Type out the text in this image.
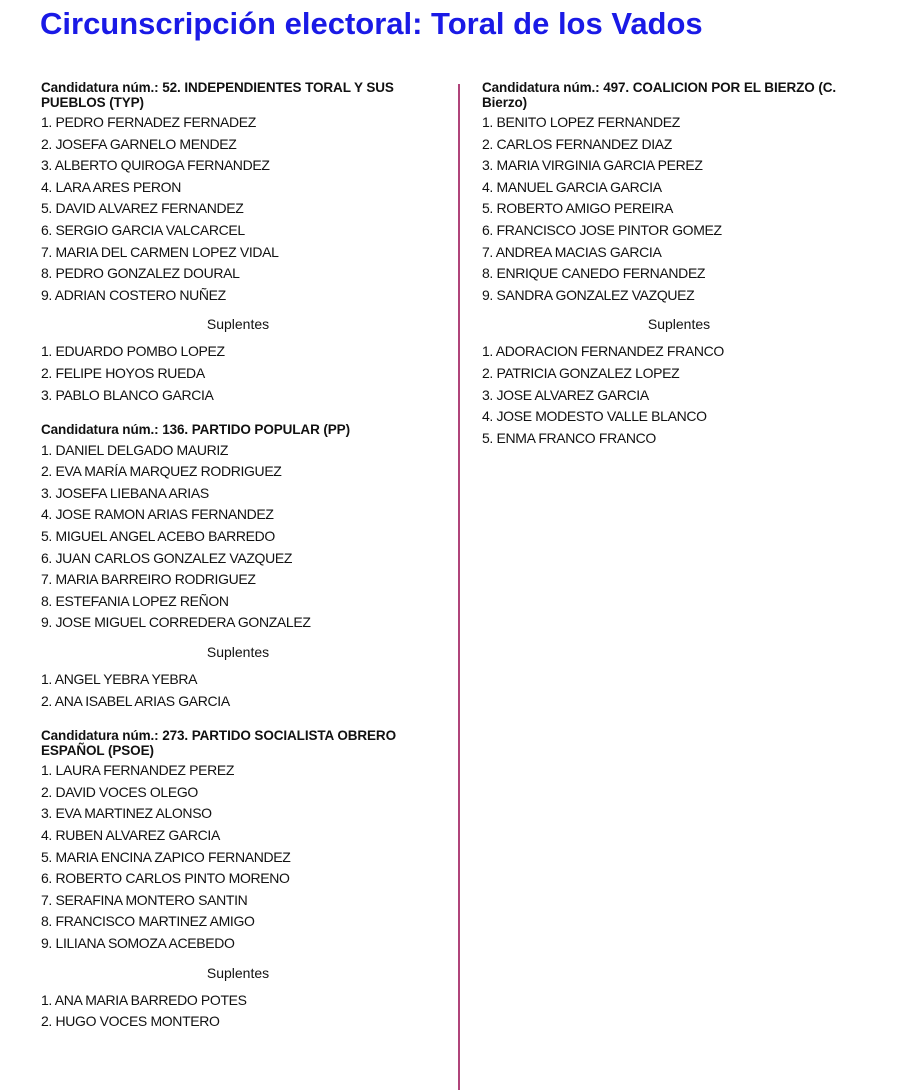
Circunscripción electoral: Toral de los Vados
Candidatura núm.: 52. INDEPENDIENTES TORAL Y SUS PUEBLOS (TYP)
1. PEDRO FERNADEZ FERNADEZ
2. JOSEFA GARNELO MENDEZ
3. ALBERTO QUIROGA FERNANDEZ
4. LARA ARES PERON
5. DAVID ALVAREZ FERNANDEZ
6. SERGIO GARCIA VALCARCEL
7. MARIA DEL CARMEN LOPEZ VIDAL
8. PEDRO GONZALEZ DOURAL
9. ADRIAN COSTERO NUÑEZ
Suplentes
1. EDUARDO POMBO LOPEZ
2. FELIPE HOYOS RUEDA
3. PABLO BLANCO GARCIA
Candidatura núm.: 136. PARTIDO POPULAR (PP)
1. DANIEL DELGADO MAURIZ
2. EVA MARÍA MARQUEZ RODRIGUEZ
3. JOSEFA LIEBANA ARIAS
4. JOSE RAMON ARIAS FERNANDEZ
5. MIGUEL ANGEL ACEBO BARREDO
6. JUAN CARLOS GONZALEZ VAZQUEZ
7. MARIA BARREIRO RODRIGUEZ
8. ESTEFANIA LOPEZ REÑON
9. JOSE MIGUEL CORREDERA GONZALEZ
Suplentes
1. ANGEL YEBRA YEBRA
2. ANA ISABEL ARIAS GARCIA
Candidatura núm.: 273. PARTIDO SOCIALISTA OBRERO ESPAÑOL (PSOE)
1. LAURA FERNANDEZ PEREZ
2. DAVID VOCES OLEGO
3. EVA MARTINEZ ALONSO
4. RUBEN ALVAREZ GARCIA
5. MARIA ENCINA ZAPICO FERNANDEZ
6. ROBERTO CARLOS PINTO MORENO
7. SERAFINA MONTERO SANTIN
8. FRANCISCO MARTINEZ AMIGO
9. LILIANA SOMOZA ACEBEDO
Suplentes
1. ANA MARIA BARREDO POTES
2. HUGO VOCES MONTERO
Candidatura núm.: 497. COALICION POR EL BIERZO (C. Bierzo)
1. BENITO LOPEZ FERNANDEZ
2. CARLOS FERNANDEZ DIAZ
3. MARIA VIRGINIA GARCIA PEREZ
4. MANUEL GARCIA GARCIA
5. ROBERTO AMIGO PEREIRA
6. FRANCISCO JOSE PINTOR GOMEZ
7. ANDREA MACIAS GARCIA
8. ENRIQUE CANEDO FERNANDEZ
9. SANDRA GONZALEZ VAZQUEZ
Suplentes
1. ADORACION FERNANDEZ FRANCO
2. PATRICIA GONZALEZ LOPEZ
3. JOSE ALVAREZ GARCIA
4. JOSE MODESTO VALLE BLANCO
5. ENMA FRANCO FRANCO
